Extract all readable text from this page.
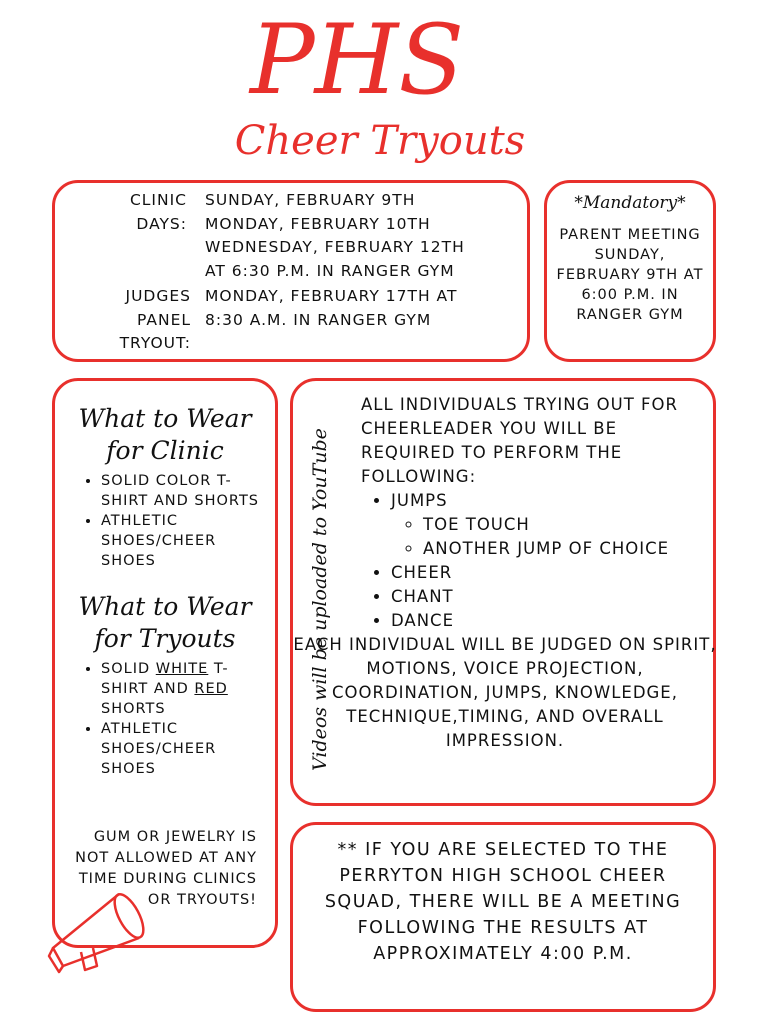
PHS
Cheer Tryouts
CLINIC
DAYS:
SUNDAY, FEBRUARY 9TH
MONDAY, FEBRUARY 10TH
WEDNESDAY, FEBRUARY 12TH
AT 6:30 P.M. IN RANGER GYM
JUDGES
PANEL
TRYOUT:
MONDAY, FEBRUARY 17TH AT
8:30 A.M. IN RANGER GYM
*Mandatory*
PARENT MEETING SUNDAY, FEBRUARY 9TH AT 6:00 P.M. IN RANGER GYM
What to Wear
for Clinic
• SOLID COLOR T-SHIRT AND SHORTS
• ATHLETIC SHOES/CHEER SHOES
What to Wear
for Tryouts
• SOLID WHITE T-SHIRT AND RED SHORTS
• ATHLETIC SHOES/CHEER SHOES
GUM OR JEWELRY IS NOT ALLOWED AT ANY TIME DURING CLINICS OR TRYOUTS!
Videos will be uploaded to YouTube
ALL INDIVIDUALS TRYING OUT FOR CHEERLEADER YOU WILL BE REQUIRED TO PERFORM THE FOLLOWING:
• JUMPS
◦ TOE TOUCH
◦ ANOTHER JUMP OF CHOICE
• CHEER
• CHANT
• DANCE
EACH INDIVIDUAL WILL BE JUDGED ON SPIRIT, MOTIONS, VOICE PROJECTION, COORDINATION, JUMPS, KNOWLEDGE, TECHNIQUE,TIMING, AND OVERALL IMPRESSION.
** IF YOU ARE SELECTED TO THE PERRYTON HIGH SCHOOL CHEER SQUAD, THERE WILL BE A MEETING FOLLOWING THE RESULTS AT APPROXIMATELY 4:00 P.M.
